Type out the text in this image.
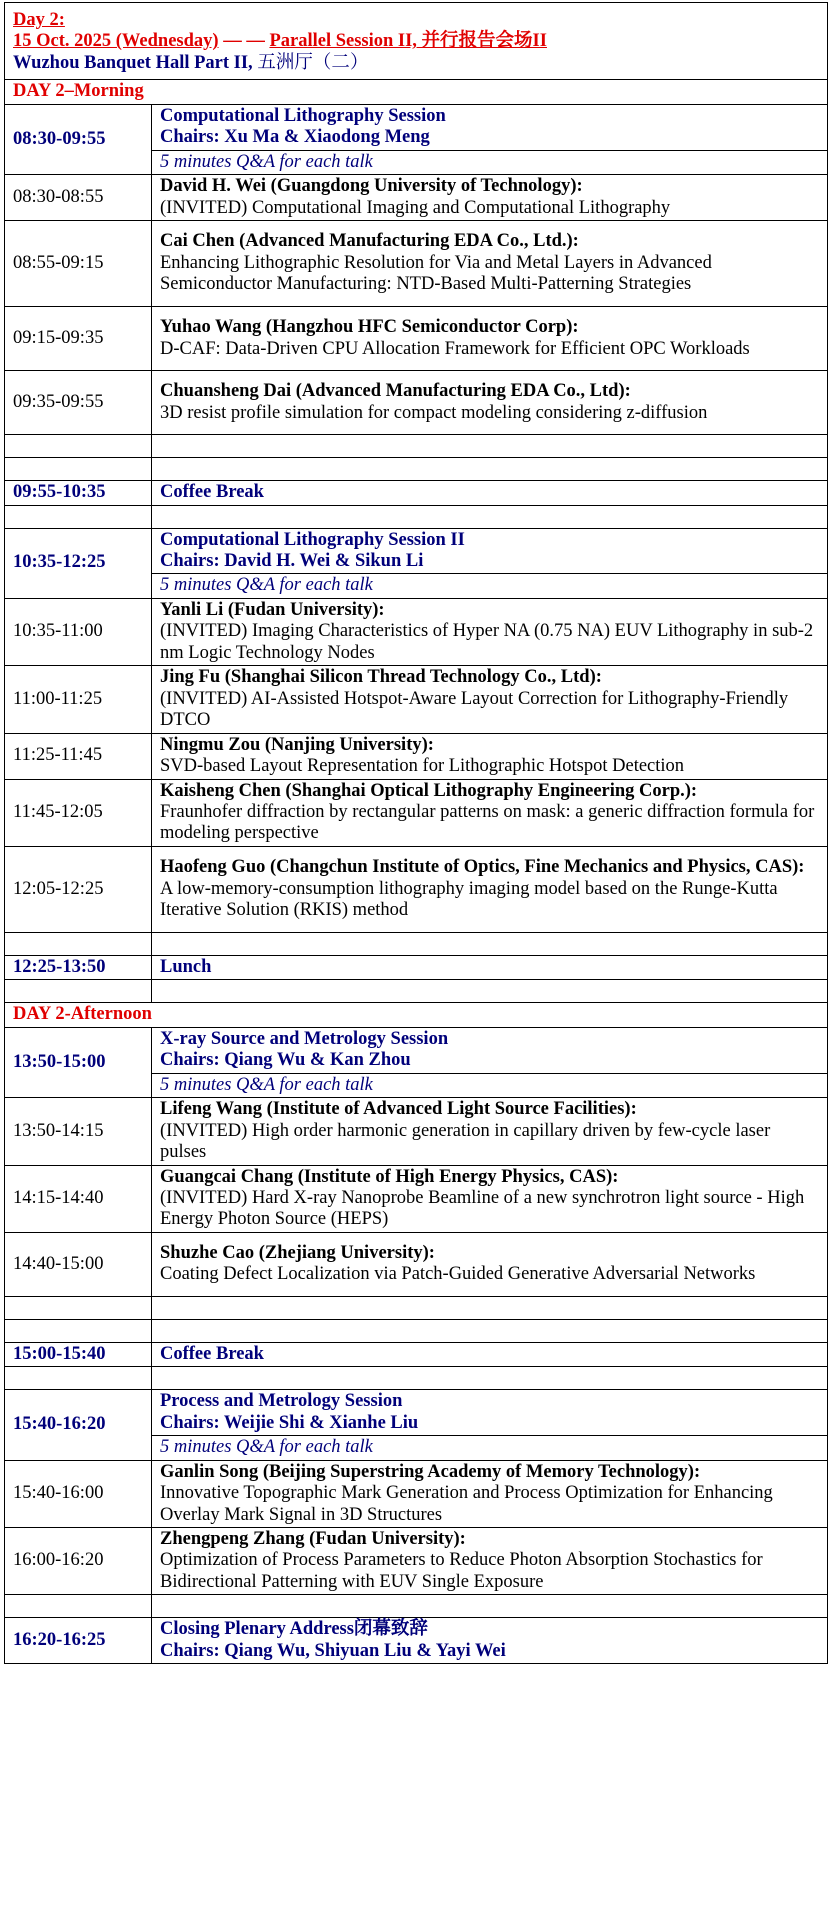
Day 2:
15 Oct. 2025 (Wednesday) — — Parallel Session II, 并行报告会场II
Wuzhou Banquet Hall Part II, 五洲厅（二）	

DAY 2–Morning	
08:30-09:55	Computational Lithography Session
Chairs: Xu Ma & Xiaodong Meng

	5 minutes Q&A for each talk
08:30-08:55	David H. Wei (Guangdong University of Technology):
(INVITED) Computational Imaging and Computational Lithography

08:55-09:15	Cai Chen (Advanced Manufacturing EDA Co., Ltd.):
Enhancing Lithographic Resolution for Via and Metal Layers in Advanced Semiconductor Manufacturing: NTD-Based Multi-Patterning Strategies

09:15-09:35	Yuhao Wang (Hangzhou HFC Semiconductor Corp):
D-CAF: Data-Driven CPU Allocation Framework for Efficient OPC Workloads

09:35-09:55	Chuansheng Dai (Advanced Manufacturing EDA Co., Ltd):
3D resist profile simulation for compact modeling considering z-diffusion

09:55-10:35	Coffee Break

10:35-12:25	Computational Lithography Session II
Chairs: David H. Wei & Sikun Li

	5 minutes Q&A for each talk
10:35-11:00	Yanli Li (Fudan University):
(INVITED) Imaging Characteristics of Hyper NA (0.75 NA) EUV Lithography in sub-2 nm Logic Technology Nodes

11:00-11:25	Jing Fu (Shanghai Silicon Thread Technology Co., Ltd):
(INVITED) AI-Assisted Hotspot-Aware Layout Correction for Lithography-Friendly DTCO

11:25-11:45	Ningmu Zou (Nanjing University):
SVD-based Layout Representation for Lithographic Hotspot Detection

11:45-12:05	Kaisheng Chen (Shanghai Optical Lithography Engineering Corp.):
Fraunhofer diffraction by rectangular patterns on mask: a generic diffraction formula for modeling perspective

12:05-12:25	Haofeng Guo (Changchun Institute of Optics, Fine Mechanics and Physics, CAS):
A low-memory-consumption lithography imaging model based on the Runge-Kutta Iterative Solution (RKIS) method

12:25-13:50	Lunch

DAY 2-Afternoon	
13:50-15:00	X-ray Source and Metrology Session
Chairs: Qiang Wu & Kan Zhou

	5 minutes Q&A for each talk
13:50-14:15	Lifeng Wang (Institute of Advanced Light Source Facilities):
(INVITED) High order harmonic generation in capillary driven by few-cycle laser pulses

14:15-14:40	Guangcai Chang (Institute of High Energy Physics, CAS):
(INVITED) Hard X-ray Nanoprobe Beamline of a new synchrotron light source - High Energy Photon Source (HEPS)

14:40-15:00	Shuzhe Cao (Zhejiang University):
Coating Defect Localization via Patch-Guided Generative Adversarial Networks

15:00-15:40	Coffee Break

15:40-16:20	Process and Metrology Session
Chairs: Weijie Shi & Xianhe Liu

	5 minutes Q&A for each talk
15:40-16:00	Ganlin Song (Beijing Superstring Academy of Memory Technology):
Innovative Topographic Mark Generation and Process Optimization for Enhancing Overlay Mark Signal in 3D Structures

16:00-16:20	Zhengpeng Zhang (Fudan University):
Optimization of Process Parameters to Reduce Photon Absorption Stochastics for Bidirectional Patterning with EUV Single Exposure

16:20-16:25	Closing Plenary Address闭幕致辞
Chairs: Qiang Wu, Shiyuan Liu & Yayi Wei
